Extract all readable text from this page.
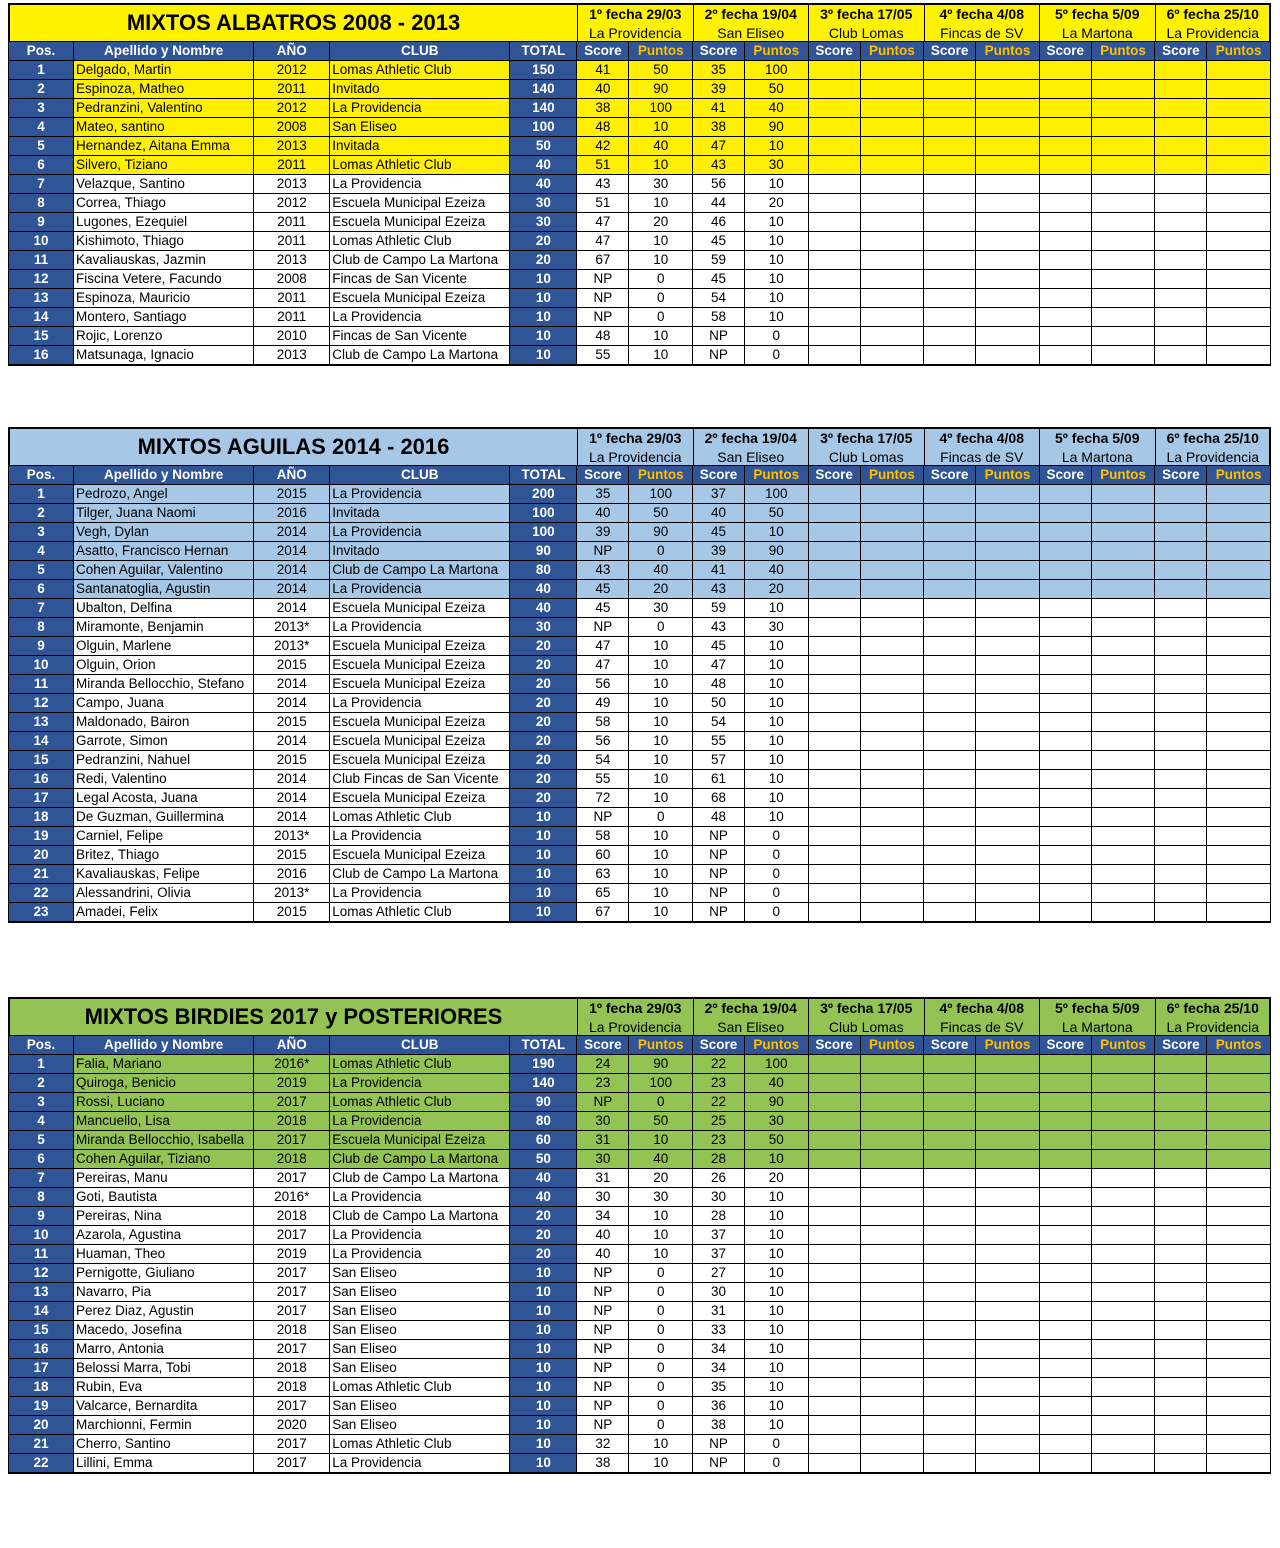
MIXTOS ALBATROS 2008 - 2013	1º fecha 29/03
La Providencia
2º fecha 19/04
San Eliseo
3º fecha 17/05
Club Lomas
4º fecha 4/08
Fincas de SV
5º fecha 5/09
La Martona
6º fecha 25/10
La Providencia
Pos.	Apellido y Nombre	AÑO	CLUB	TOTAL	Score	Puntos	Score	Puntos	Score	Puntos	Score	Puntos	Score	Puntos	Score	Puntos
1	Delgado, Martin	2012	Lomas Athletic Club	150	41	50	35	100								
2	Espinoza, Matheo	2011	Invitado	140	40	90	39	50								
3	Pedranzini, Valentino	2012	La Providencia	140	38	100	41	40								
4	Mateo, santino	2008	San Eliseo	100	48	10	38	90								
5	Hernandez, Aitana Emma	2013	Invitada	50	42	40	47	10								
6	Silvero, Tiziano	2011	Lomas Athletic Club	40	51	10	43	30								
7	Velazque, Santino	2013	La Providencia	40	43	30	56	10								
8	Correa, Thiago	2012	Escuela Municipal Ezeiza	30	51	10	44	20								
9	Lugones, Ezequiel	2011	Escuela Municipal Ezeiza	30	47	20	46	10								
10	Kishimoto, Thiago	2011	Lomas Athletic Club	20	47	10	45	10								
11	Kavaliauskas, Jazmin	2013	Club de Campo La Martona	20	67	10	59	10								
12	Fiscina Vetere, Facundo	2008	Fincas de San Vicente	10	NP	0	45	10								
13	Espinoza, Mauricio	2011	Escuela Municipal Ezeiza	10	NP	0	54	10								
14	Montero, Santiago	2011	La Providencia	10	NP	0	58	10								
15	Rojic, Lorenzo	2010	Fincas de San Vicente	10	48	10	NP	0								
16	Matsunaga, Ignacio	2013	Club de Campo La Martona	10	55	10	NP	0								
MIXTOS AGUILAS 2014 - 2016	1º fecha 29/03
La Providencia
2º fecha 19/04
San Eliseo
3º fecha 17/05
Club Lomas
4º fecha 4/08
Fincas de SV
5º fecha 5/09
La Martona
6º fecha 25/10
La Providencia
Pos.	Apellido y Nombre	AÑO	CLUB	TOTAL	Score	Puntos	Score	Puntos	Score	Puntos	Score	Puntos	Score	Puntos	Score	Puntos
1	Pedrozo, Angel	2015	La Providencia	200	35	100	37	100								
2	Tilger, Juana Naomi	2016	Invitada	100	40	50	40	50								
3	Vegh, Dylan	2014	La Providencia	100	39	90	45	10								
4	Asatto, Francisco Hernan	2014	Invitado	90	NP	0	39	90								
5	Cohen Aguilar, Valentino	2014	Club de Campo La Martona	80	43	40	41	40								
6	Santanatoglia, Agustin	2014	La Providencia	40	45	20	43	20								
7	Ubalton, Delfina	2014	Escuela Municipal Ezeiza	40	45	30	59	10								
8	Miramonte, Benjamin	2013*	La Providencia	30	NP	0	43	30								
9	Olguin, Marlene	2013*	Escuela Municipal Ezeiza	20	47	10	45	10								
10	Olguin, Orion	2015	Escuela Municipal Ezeiza	20	47	10	47	10								
11	Miranda Bellocchio, Stefano	2014	Escuela Municipal Ezeiza	20	56	10	48	10								
12	Campo, Juana	2014	La Providencia	20	49	10	50	10								
13	Maldonado, Bairon	2015	Escuela Municipal Ezeiza	20	58	10	54	10								
14	Garrote, Simon	2014	Escuela Municipal Ezeiza	20	56	10	55	10								
15	Pedranzini, Nahuel	2015	Escuela Municipal Ezeiza	20	54	10	57	10								
16	Redi, Valentino	2014	Club Fincas de San Vicente	20	55	10	61	10								
17	Legal Acosta, Juana	2014	Escuela Municipal Ezeiza	20	72	10	68	10								
18	De Guzman, Guillermina	2014	Lomas Athletic Club	10	NP	0	48	10								
19	Carniel, Felipe	2013*	La Providencia	10	58	10	NP	0								
20	Britez, Thiago	2015	Escuela Municipal Ezeiza	10	60	10	NP	0								
21	Kavaliauskas, Felipe	2016	Club de Campo La Martona	10	63	10	NP	0								
22	Alessandrini, Olivia	2013*	La Providencia	10	65	10	NP	0								
23	Amadei, Felix	2015	Lomas Athletic Club	10	67	10	NP	0								
MIXTOS BIRDIES 2017 y POSTERIORES	1º fecha 29/03
La Providencia
2º fecha 19/04
San Eliseo
3º fecha 17/05
Club Lomas
4º fecha 4/08
Fincas de SV
5º fecha 5/09
La Martona
6º fecha 25/10
La Providencia
Pos.	Apellido y Nombre	AÑO	CLUB	TOTAL	Score	Puntos	Score	Puntos	Score	Puntos	Score	Puntos	Score	Puntos	Score	Puntos
1	Falia, Mariano	2016*	Lomas Athletic Club	190	24	90	22	100								
2	Quiroga, Benicio	2019	La Providencia	140	23	100	23	40								
3	Rossi, Luciano	2017	Lomas Athletic Club	90	NP	0	22	90								
4	Mancuello, Lisa	2018	La Providencia	80	30	50	25	30								
5	Miranda Bellocchio, Isabella	2017	Escuela Municipal Ezeiza	60	31	10	23	50								
6	Cohen Aguilar, Tiziano	2018	Club de Campo La Martona	50	30	40	28	10								
7	Pereiras, Manu	2017	Club de Campo La Martona	40	31	20	26	20								
8	Goti, Bautista	2016*	La Providencia	40	30	30	30	10								
9	Pereiras, Nina	2018	Club de Campo La Martona	20	34	10	28	10								
10	Azarola, Agustina	2017	La Providencia	20	40	10	37	10								
11	Huaman, Theo	2019	La Providencia	20	40	10	37	10								
12	Pernigotte, Giuliano	2017	San Eliseo	10	NP	0	27	10								
13	Navarro, Pia	2017	San Eliseo	10	NP	0	30	10								
14	Perez Diaz, Agustin	2017	San Eliseo	10	NP	0	31	10								
15	Macedo, Josefina	2018	San Eliseo	10	NP	0	33	10								
16	Marro, Antonia	2017	San Eliseo	10	NP	0	34	10								
17	Belossi Marra, Tobi	2018	San Eliseo	10	NP	0	34	10								
18	Rubin, Eva	2018	Lomas Athletic Club	10	NP	0	35	10								
19	Valcarce, Bernardita	2017	San Eliseo	10	NP	0	36	10								
20	Marchionni, Fermin	2020	San Eliseo	10	NP	0	38	10								
21	Cherro, Santino	2017	Lomas Athletic Club	10	32	10	NP	0								
22	Lillini, Emma	2017	La Providencia	10	38	10	NP	0								
